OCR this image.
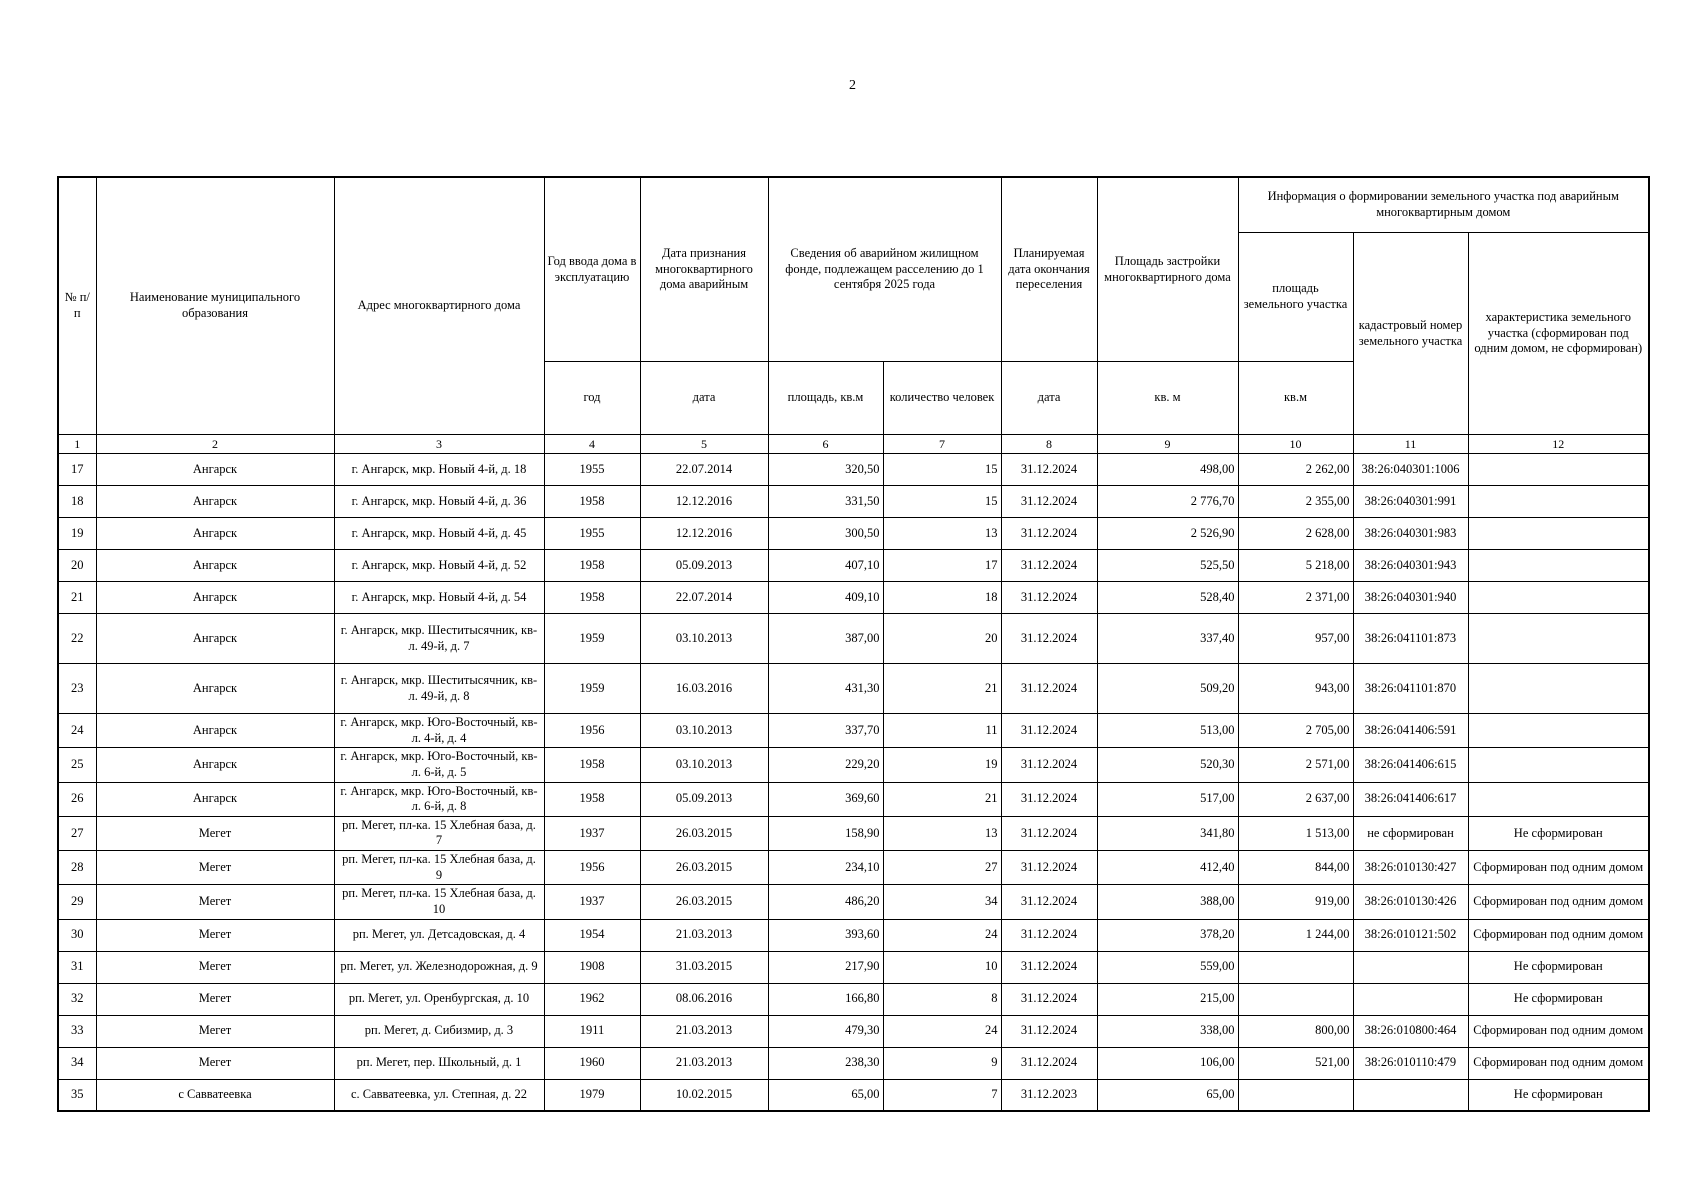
2
№ п/п	Наименование муниципального образования	Адрес многоквартирного дома	Год ввода дома в эксплуатацию	Дата признания многоквартирного дома аварийным	Сведения об аварийном жилищном фонде, подлежащем расселению до 1 сентября 2025 года		Планируемая дата окончания переселения	Площадь застройки многоквартирного дома	Информация о формировании земельного участка под аварийным многоквартирным домом		
									площадь земельного участка	кадастровый номер земельного участка	характеристика земельного участка (сформирован под одним домом, не сформирован)
			год	дата	площадь, кв.м	количество человек	дата	кв. м	кв.м		
1	2	3	4	5	6	7	8	9	10	11	12
17	Ангарск	г. Ангарск, мкр. Новый 4-й, д. 18	1955	22.07.2014	320,50	15	31.12.2024	498,00	2 262,00	38:26:040301:1006	
18	Ангарск	г. Ангарск, мкр. Новый 4-й, д. 36	1958	12.12.2016	331,50	15	31.12.2024	2 776,70	2 355,00	38:26:040301:991	
19	Ангарск	г. Ангарск, мкр. Новый 4-й, д. 45	1955	12.12.2016	300,50	13	31.12.2024	2 526,90	2 628,00	38:26:040301:983	
20	Ангарск	г. Ангарск, мкр. Новый 4-й, д. 52	1958	05.09.2013	407,10	17	31.12.2024	525,50	5 218,00	38:26:040301:943	
21	Ангарск	г. Ангарск, мкр. Новый 4-й, д. 54	1958	22.07.2014	409,10	18	31.12.2024	528,40	2 371,00	38:26:040301:940	
22	Ангарск	г. Ангарск, мкр. Шеститысячник, кв-л. 49-й, д. 7	1959	03.10.2013	387,00	20	31.12.2024	337,40	957,00	38:26:041101:873	
23	Ангарск	г. Ангарск, мкр. Шеститысячник, кв-л. 49-й, д. 8	1959	16.03.2016	431,30	21	31.12.2024	509,20	943,00	38:26:041101:870	
24	Ангарск	г. Ангарск, мкр. Юго-Восточный, кв-л. 4-й, д. 4	1956	03.10.2013	337,70	11	31.12.2024	513,00	2 705,00	38:26:041406:591	
25	Ангарск	г. Ангарск, мкр. Юго-Восточный, кв-л. 6-й, д. 5	1958	03.10.2013	229,20	19	31.12.2024	520,30	2 571,00	38:26:041406:615	
26	Ангарск	г. Ангарск, мкр. Юго-Восточный, кв-л. 6-й, д. 8	1958	05.09.2013	369,60	21	31.12.2024	517,00	2 637,00	38:26:041406:617	
27	Мегет	рп. Мегет, пл-ка. 15 Хлебная база, д. 7	1937	26.03.2015	158,90	13	31.12.2024	341,80	1 513,00	не сформирован	Не сформирован
28	Мегет	рп. Мегет, пл-ка. 15 Хлебная база, д. 9	1956	26.03.2015	234,10	27	31.12.2024	412,40	844,00	38:26:010130:427	Сформирован под одним домом
29	Мегет	рп. Мегет, пл-ка. 15 Хлебная база, д. 10	1937	26.03.2015	486,20	34	31.12.2024	388,00	919,00	38:26:010130:426	Сформирован под одним домом
30	Мегет	рп. Мегет, ул. Детсадовская, д. 4	1954	21.03.2013	393,60	24	31.12.2024	378,20	1 244,00	38:26:010121:502	Сформирован под одним домом
31	Мегет	рп. Мегет, ул. Железнодорожная, д. 9	1908	31.03.2015	217,90	10	31.12.2024	559,00			Не сформирован
32	Мегет	рп. Мегет, ул. Оренбургская, д. 10	1962	08.06.2016	166,80	8	31.12.2024	215,00			Не сформирован
33	Мегет	рп. Мегет, д. Сибизмир, д. 3	1911	21.03.2013	479,30	24	31.12.2024	338,00	800,00	38:26:010800:464	Сформирован под одним домом
34	Мегет	рп. Мегет, пер. Школьный, д. 1	1960	21.03.2013	238,30	9	31.12.2024	106,00	521,00	38:26:010110:479	Сформирован под одним домом
35	с Савватеевка	с. Савватеевка, ул. Степная, д. 22	1979	10.02.2015	65,00	7	31.12.2023	65,00			Не сформирован
